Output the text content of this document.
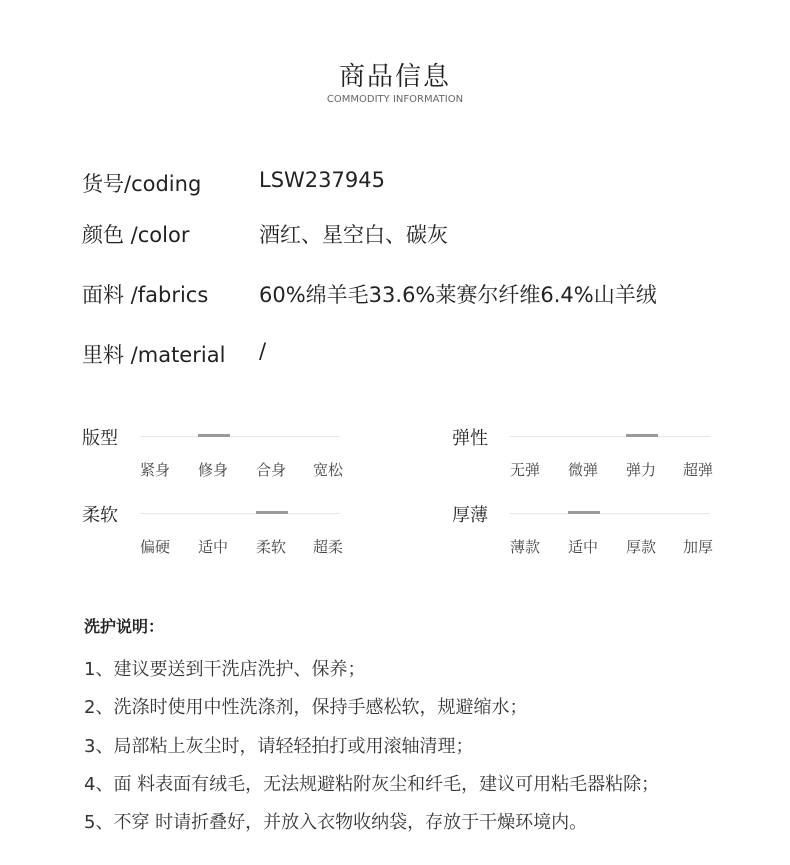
商品信息
COMMODITY INFORMATION
货号/coding	LSW237945
颜色 /color	酒红、星空白、碳灰
面料 /fabrics 60%绵羊毛33.6%莱赛尔纤维6.4%山羊绒
里料 /material /
版型
紧身 修身 合身 宽松
弹性
无弹 微弹 弹力 超弹
柔软
偏硬 适中 柔软 超柔
厚薄
薄款 适中 厚款 加厚
洗护说明：
1、建议要送到干洗店洗护、保养；
2、洗涤时使用中性洗涤剂，保持手感松软，规避缩水；
3、局部粘上灰尘时，请轻轻拍打或用滚轴清理；
4、面 料表面有绒毛，无法规避粘附灰尘和纤毛，建议可用粘毛器粘除；
5、不穿 时请折叠好，并放入衣物收纳袋，存放于干燥环境内。
